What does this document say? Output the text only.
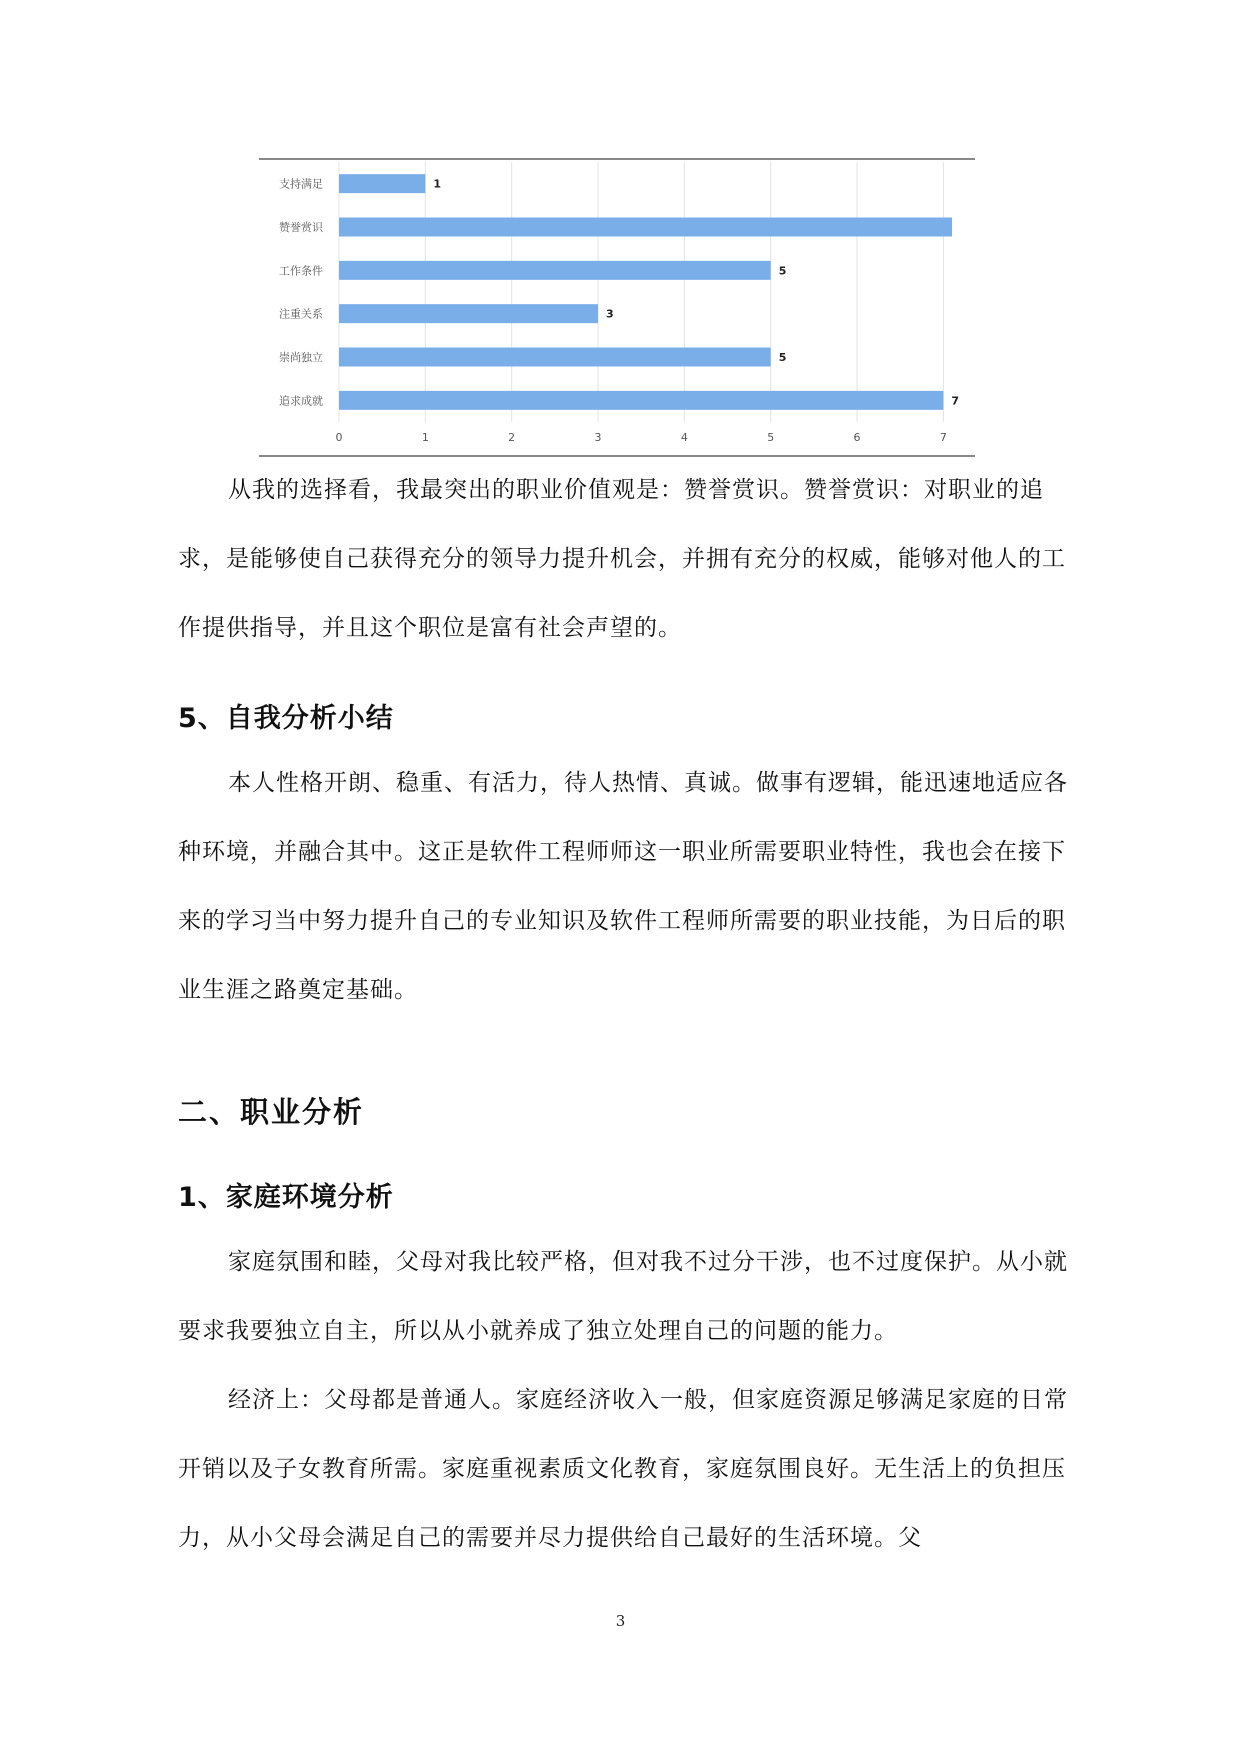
0	1	2	3	4	5	6	7
支持满足	1
赞誉赏识
工作条件	5
注重关系	3
崇尚独立	5
追求成就	7

从我的选择看，我最突出的职业价值观是：赞誉赏识。赞誉赏识：对职业的追求，是能够使自己获得充分的领导力提升机会，并拥有充分的权威，能够对他人的工作提供指导，并且这个职位是富有社会声望的。

5、自我分析小结

本人性格开朗、稳重、有活力，待人热情、真诚。做事有逻辑，能迅速地适应各种环境，并融合其中。这正是软件工程师师这一职业所需要职业特性，我也会在接下来的学习当中努力提升自己的专业知识及软件工程师所需要的职业技能，为日后的职业生涯之路奠定基础。

二、职业分析
1、家庭环境分析

家庭氛围和睦，父母对我比较严格，但对我不过分干涉，也不过度保护。从小就要求我要独立自主，所以从小就养成了独立处理自己的问题的能力。

经济上：父母都是普通人。家庭经济收入一般，但家庭资源足够满足家庭的日常开销以及子女教育所需。家庭重视素质文化教育，家庭氛围良好。无生活上的负担压力，从小父母会满足自己的需要并尽力提供给自己最好的生活环境。父

3
